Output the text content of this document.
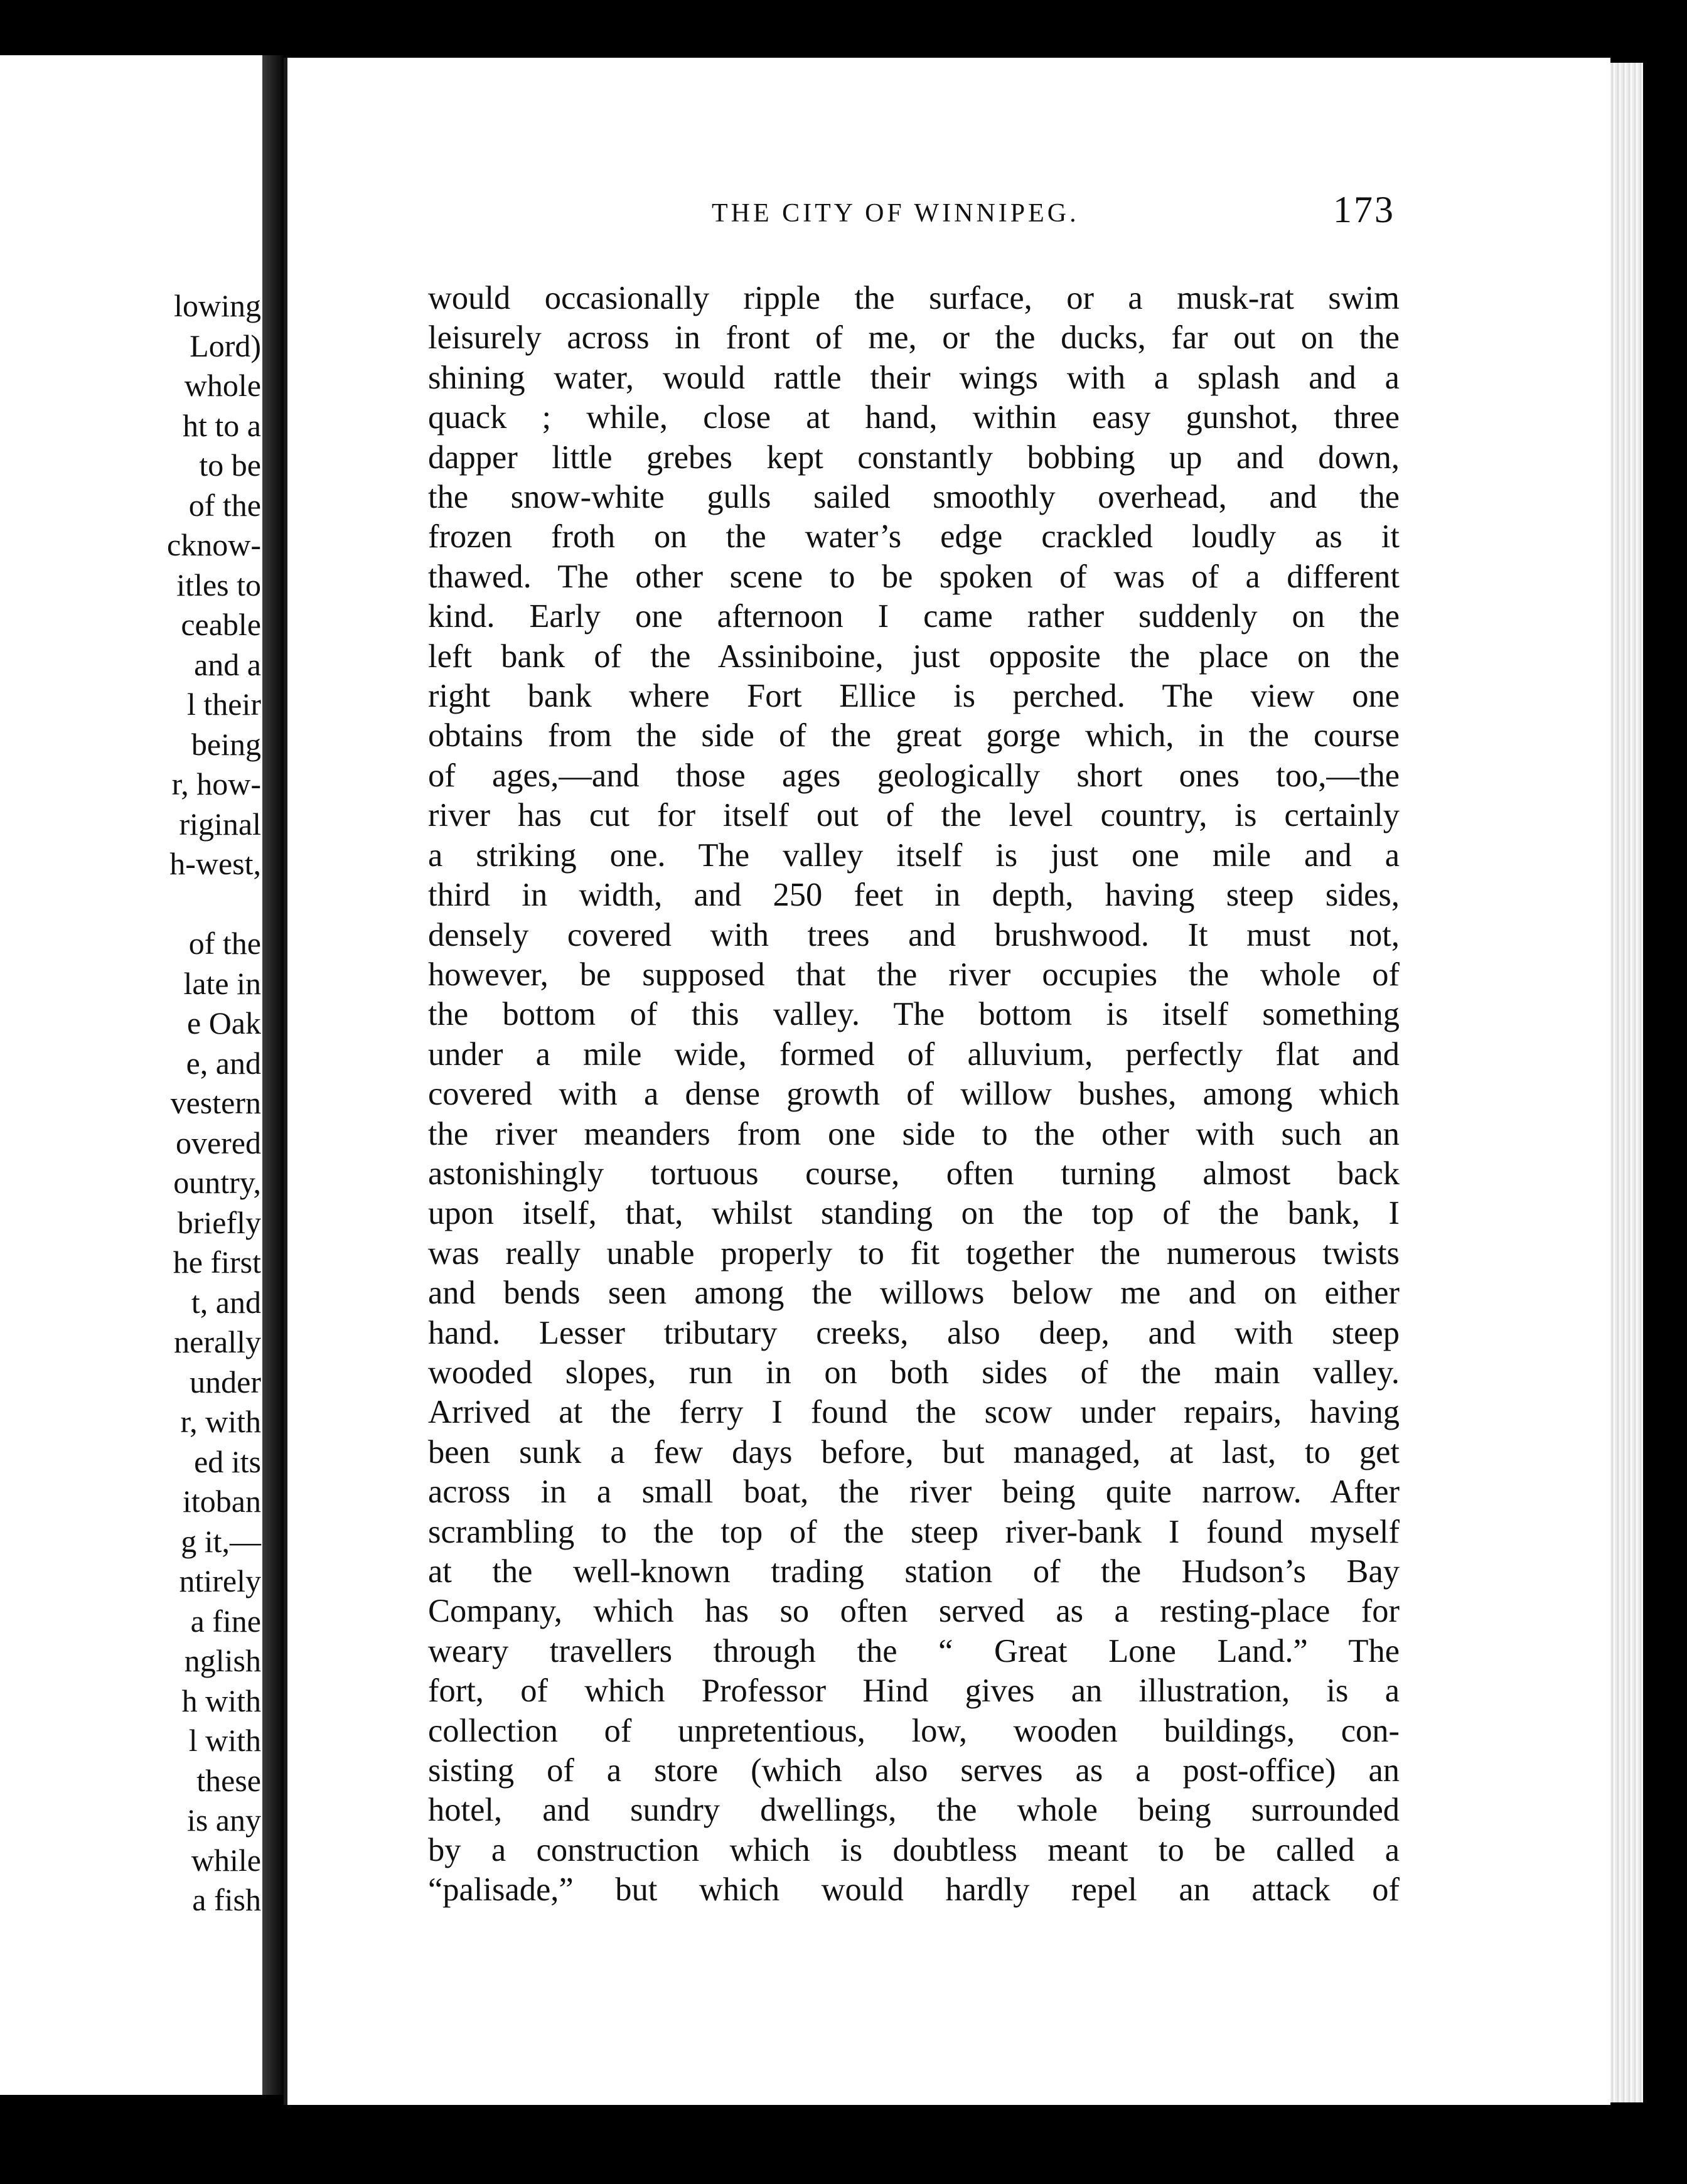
lowing
Lord)
whole
ht to a
to be
of the
cknow-
itles to
ceable
and a
l their
being
r, how-
riginal
h-west,
of the
late in
e Oak
e, and
vestern
overed
ountry,
briefly
he first
t, and
nerally
under
r, with
ed its
itoban
g it,—
ntirely
a fine
nglish
h with
l with
these
is any
while
a fish
THE CITY OF WINNIPEG.	173
would occasionally ripple the surface, or a musk-rat swim
leisurely across in front of me, or the ducks, far out on the
shining water, would rattle their wings with a splash and a
quack ; while, close at hand, within easy gunshot, three
dapper little grebes kept constantly bobbing up and down,
the snow-white gulls sailed smoothly overhead, and the
frozen froth on the water’s edge crackled loudly as it
thawed. The other scene to be spoken of was of a different
kind. Early one afternoon I came rather suddenly on the
left bank of the Assiniboine, just opposite the place on the
right bank where Fort Ellice is perched. The view one
obtains from the side of the great gorge which, in the course
of ages,—and those ages geologically short ones too,—the
river has cut for itself out of the level country, is certainly
a striking one. The valley itself is just one mile and a
third in width, and 250 feet in depth, having steep sides,
densely covered with trees and brushwood. It must not,
however, be supposed that the river occupies the whole of
the bottom of this valley. The bottom is itself something
under a mile wide, formed of alluvium, perfectly flat and
covered with a dense growth of willow bushes, among which
the river meanders from one side to the other with such an
astonishingly tortuous course, often turning almost back
upon itself, that, whilst standing on the top of the bank, I
was really unable properly to fit together the numerous twists
and bends seen among the willows below me and on either
hand. Lesser tributary creeks, also deep, and with steep
wooded slopes, run in on both sides of the main valley.
Arrived at the ferry I found the scow under repairs, having
been sunk a few days before, but managed, at last, to get
across in a small boat, the river being quite narrow. After
scrambling to the top of the steep river-bank I found myself
at the well-known trading station of the Hudson’s Bay
Company, which has so often served as a resting-place for
weary travellers through the “ Great Lone Land.” The
fort, of which Professor Hind gives an illustration, is a
collection of unpretentious, low, wooden buildings, con-
sisting of a store (which also serves as a post-office) an
hotel, and sundry dwellings, the whole being surrounded
by a construction which is doubtless meant to be called a
“palisade,” but which would hardly repel an attack of
